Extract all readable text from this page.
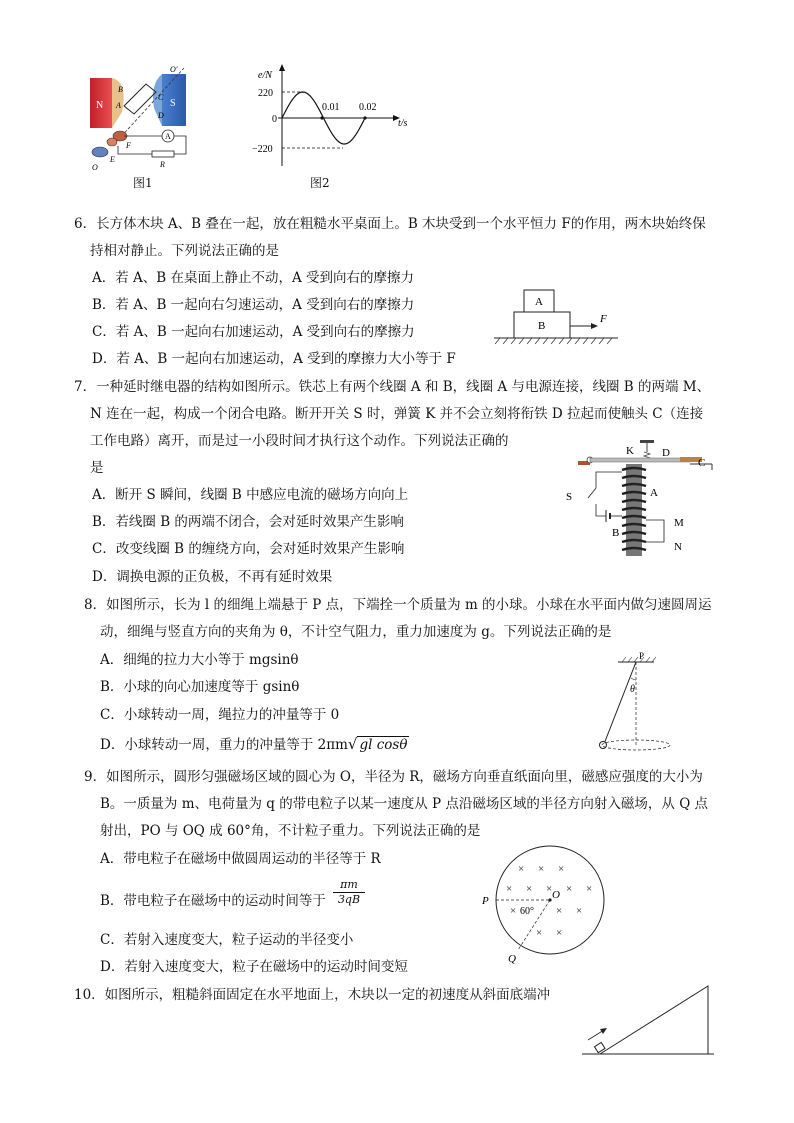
N	S
B
A
C
D
O′
F
E
O
A
R
图1
e/N
t/s
220
0
−220
0.01 0.02
图2
6．长方体木块 A、B 叠在一起，放在粗糙水平桌面上。B 木块受到一个水平恒力 F的作用，两木块始终保
持相对静止。下列说法正确的是
A．若 A、B 在桌面上静止不动，A 受到向右的摩擦力
B．若 A、B 一起向右匀速运动，A 受到向右的摩擦力
C．若 A、B 一起向右加速运动，A 受到向右的摩擦力
D．若 A、B 一起向右加速运动，A 受到的摩擦力大小等于 F
A
B
F
7．一种延时继电器的结构如图所示。铁芯上有两个线圈 A 和 B，线圈 A 与电源连接，线圈 B 的两端 M、
N 连在一起，构成一个闭合电路。断开开关 S 时，弹簧 K 并不会立刻将衔铁 D 拉起而使触头 C（连接
工作电路）离开，而是过一小段时间才执行这个动作。下列说法正确的
是
A．断开 S 瞬间，线圈 B 中感应电流的磁场方向向上
B．若线圈 B 的两端不闭合，会对延时效果产生影响
C．改变线圈 B 的缠绕方向，会对延时效果产生影响
D．调换电源的正负极，不再有延时效果
K	D
C
S	A
B
M
N
8．如图所示，长为 l 的细绳上端悬于 P 点，下端拴一个质量为 m 的小球。小球在水平面内做匀速圆周运
动，细绳与竖直方向的夹角为 θ，不计空气阻力，重力加速度为 g。下列说法正确的是
A．细绳的拉力大小等于 mgsinθ
B．小球的向心加速度等于 gsinθ
C．小球转动一周，绳拉力的冲量等于 0
D．小球转动一周，重力的冲量等于 2πm√ gl cosθ
P
θ
9．如图所示，圆形匀强磁场区域的圆心为 O，半径为 R，磁场方向垂直纸面向里，磁感应强度的大小为
B。一质量为 m、电荷量为 q 的带电粒子以某一速度从 P 点沿磁场区域的半径方向射入磁场，从 Q 点
射出，PO 与 OQ 成 60°角，不计粒子重力。下列说法正确的是
A．带电粒子在磁场中做圆周运动的半径等于 R
B．带电粒子在磁场中的运动时间等于 $\frac{\pi m}{3qB}$
C．若射入速度变大，粒子运动的半径变小
D．若射入速度变大，粒子在磁场中的运动时间变短
× × ×
× × × × ×
×	× ×
× ×
P	O
Q
60°
10．如图所示，粗糙斜面固定在水平地面上，木块以一定的初速度从斜面底端冲
